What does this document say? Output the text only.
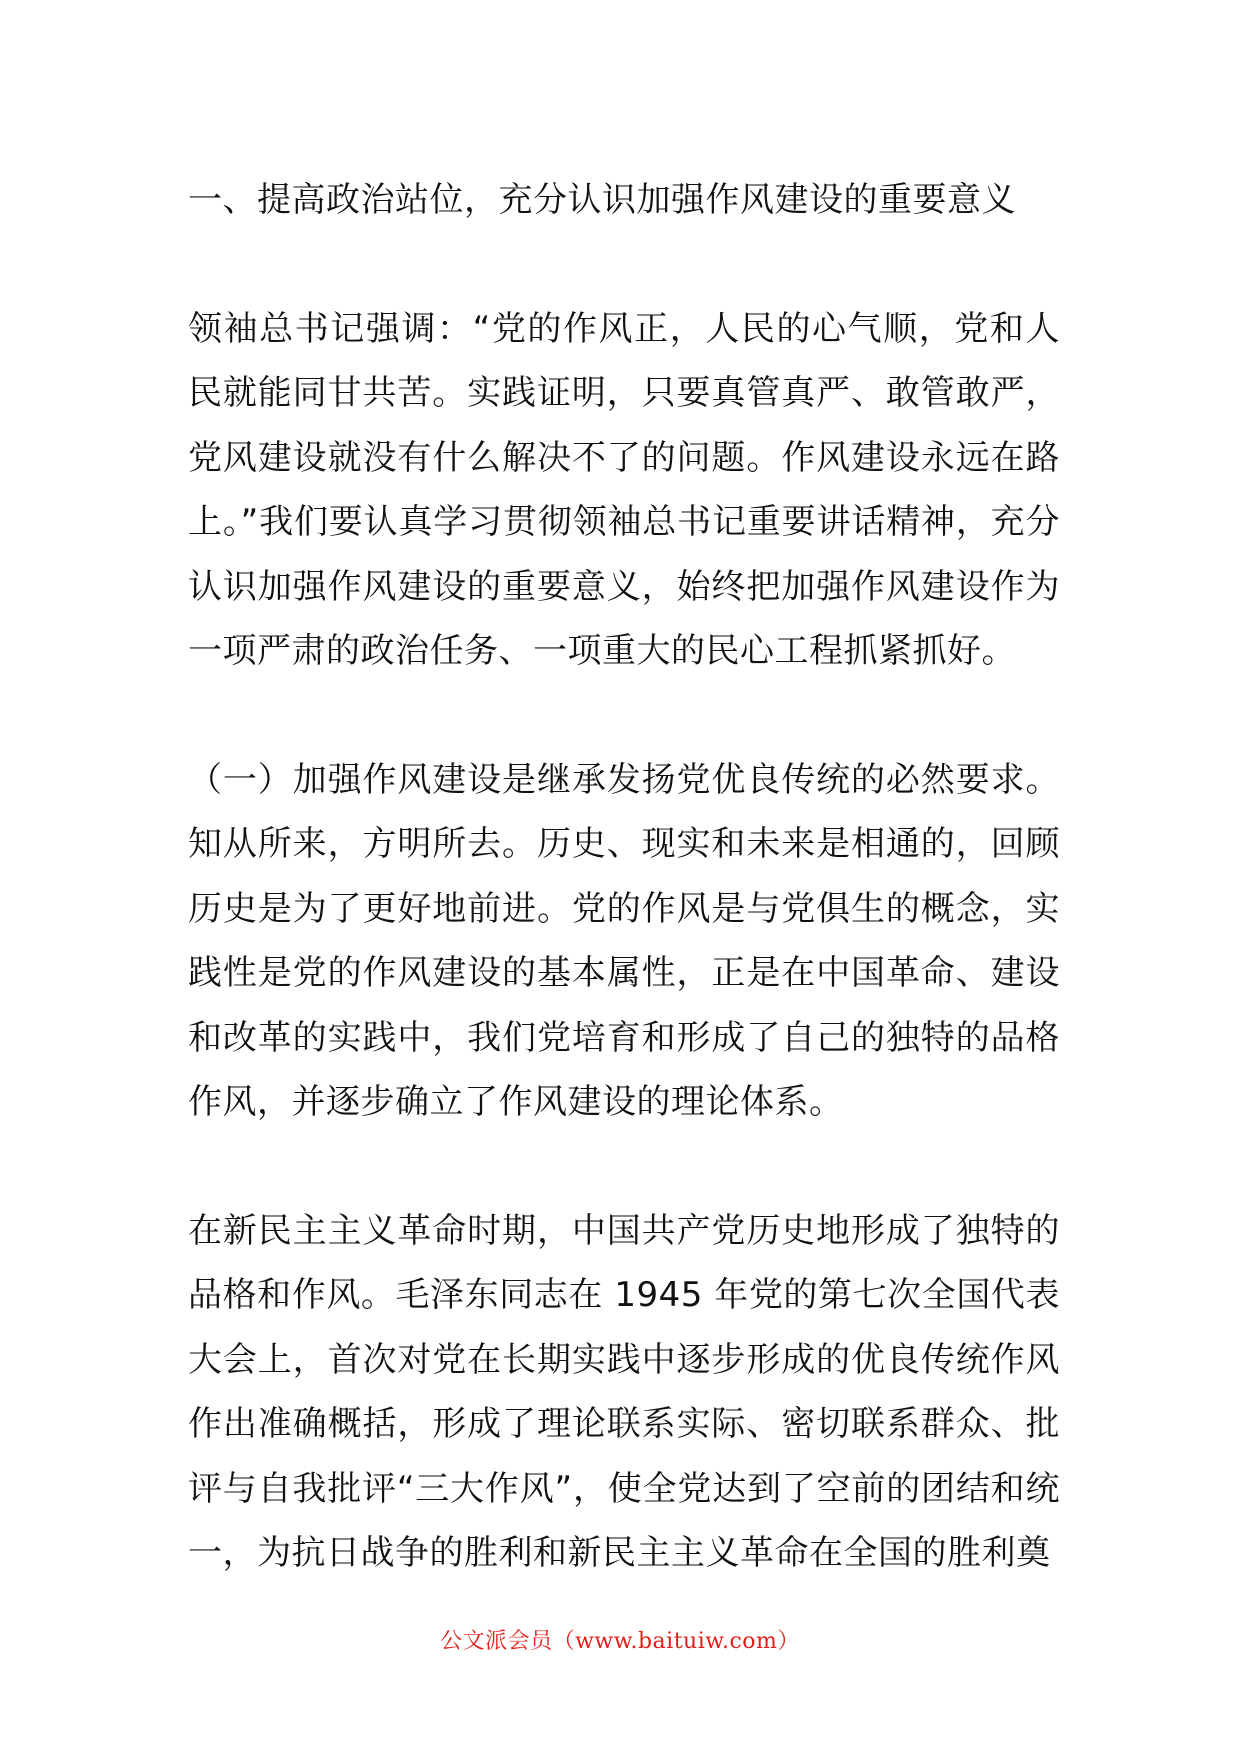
一、提高政治站位，充分认识加强作风建设的重要意义

领袖总书记强调：“党的作风正，人民的心气顺，党和人民就能同甘共苦。实践证明，只要真管真严、敢管敢严，党风建设就没有什么解决不了的问题。作风建设永远在路上。”我们要认真学习贯彻领袖总书记重要讲话精神，充分认识加强作风建设的重要意义，始终把加强作风建设作为一项严肃的政治任务、一项重大的民心工程抓紧抓好。

（一）加强作风建设是继承发扬党优良传统的必然要求。知从所来，方明所去。历史、现实和未来是相通的，回顾历史是为了更好地前进。党的作风是与党俱生的概念，实践性是党的作风建设的基本属性，正是在中国革命、建设和改革的实践中，我们党培育和形成了自己的独特的品格作风，并逐步确立了作风建设的理论体系。

在新民主主义革命时期，中国共产党历史地形成了独特的品格和作风。毛泽东同志在 1945 年党的第七次全国代表大会上，首次对党在长期实践中逐步形成的优良传统作风作出准确概括，形成了理论联系实际、密切联系群众、批评与自我批评“三大作风”，使全党达到了空前的团结和统一，为抗日战争的胜利和新民主主义革命在全国的胜利奠

公文派会员（www.baituiw.com）
